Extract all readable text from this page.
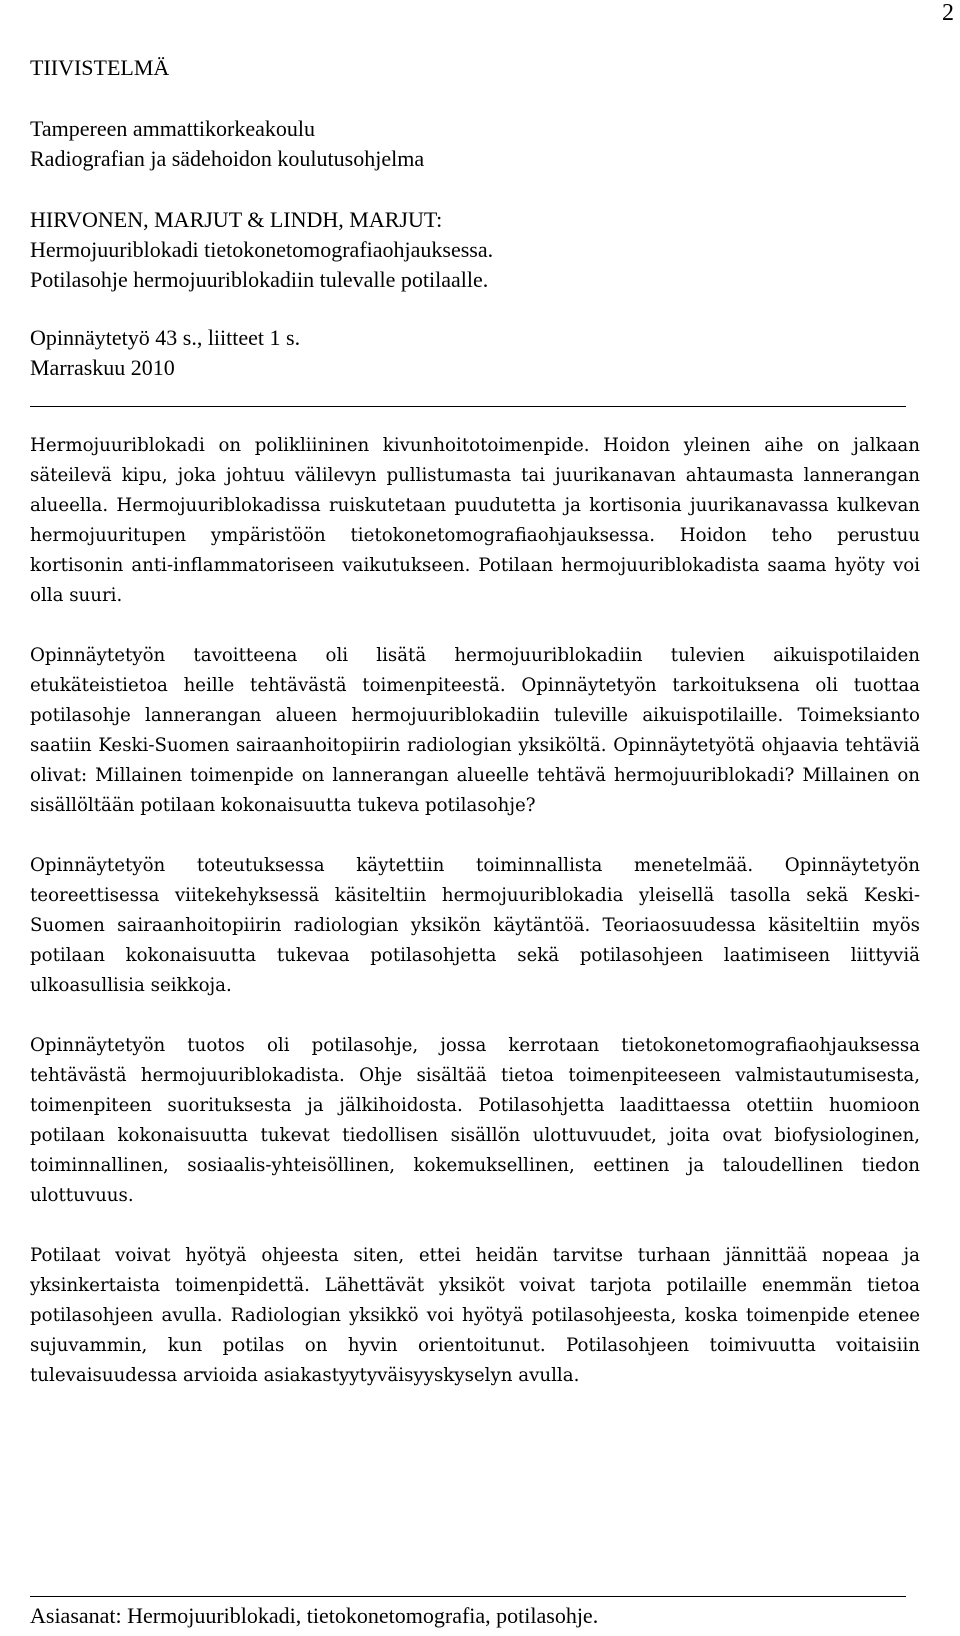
2
TIIVISTELMÄ
Tampereen ammattikorkeakoulu
Radiografian ja sädehoidon koulutusohjelma
HIRVONEN, MARJUT & LINDH, MARJUT:
Hermojuuriblokadi tietokonetomografiaohjauksessa.
Potilasohje hermojuuriblokadiin tulevalle potilaalle.
Opinnäytetyö 43 s., liitteet 1 s.
Marraskuu 2010

Hermojuuriblokadi on polikliininen kivunhoitotoimenpide. Hoidon yleinen aihe on jalkaan säteilevä kipu, joka johtuu välilevyn pullistumasta tai juurikanavan ahtaumasta lannerangan alueella. Hermojuuriblokadissa ruiskutetaan puudutetta ja kortisonia juurikanavassa kulkevan hermojuuritupen ympäristöön tietokonetomografiaohjauksessa. Hoidon teho perustuu kortisonin anti-inflammatoriseen vaikutukseen. Potilaan hermojuuriblokadista saama hyöty voi olla suuri.

Opinnäytetyön tavoitteena oli lisätä hermojuuriblokadiin tulevien aikuispotilaiden etukäteistietoa heille tehtävästä toimenpiteestä. Opinnäytetyön tarkoituksena oli tuottaa potilasohje lannerangan alueen hermojuuriblokadiin tuleville aikuispotilaille. Toimeksianto saatiin Keski-Suomen sairaanhoitopiirin radiologian yksiköltä. Opinnäytetyötä ohjaavia tehtäviä olivat: Millainen toimenpide on lannerangan alueelle tehtävä hermojuuriblokadi? Millainen on sisällöltään potilaan kokonaisuutta tukeva potilasohje?

Opinnäytetyön toteutuksessa käytettiin toiminnallista menetelmää. Opinnäytetyön teoreettisessa viitekehyksessä käsiteltiin hermojuuriblokadia yleisellä tasolla sekä Keski-Suomen sairaanhoitopiirin radiologian yksikön käytäntöä. Teoriaosuudessa käsiteltiin myös potilaan kokonaisuutta tukevaa potilasohjetta sekä potilasohjeen laatimiseen liittyviä ulkoasullisia seikkoja.

Opinnäytetyön tuotos oli potilasohje, jossa kerrotaan tietokonetomografiaohjauksessa tehtävästä hermojuuriblokadista. Ohje sisältää tietoa toimenpiteeseen valmistautumisesta, toimenpiteen suorituksesta ja jälkihoidosta. Potilasohjetta laadittaessa otettiin huomioon potilaan kokonaisuutta tukevat tiedollisen sisällön ulottuvuudet, joita ovat biofysiologinen, toiminnallinen, sosiaalis-yhteisöllinen, kokemuksellinen, eettinen ja taloudellinen tiedon ulottuvuus.

Potilaat voivat hyötyä ohjeesta siten, ettei heidän tarvitse turhaan jännittää nopeaa ja yksinkertaista toimenpidettä. Lähettävät yksiköt voivat tarjota potilaille enemmän tietoa potilasohjeen avulla. Radiologian yksikkö voi hyötyä potilasohjeesta, koska toimenpide etenee sujuvammin, kun potilas on hyvin orientoitunut. Potilasohjeen toimivuutta voitaisiin tulevaisuudessa arvioida asiakastyytyväisyyskyselyn avulla.

Asiasanat: Hermojuuriblokadi, tietokonetomografia, potilasohje.
